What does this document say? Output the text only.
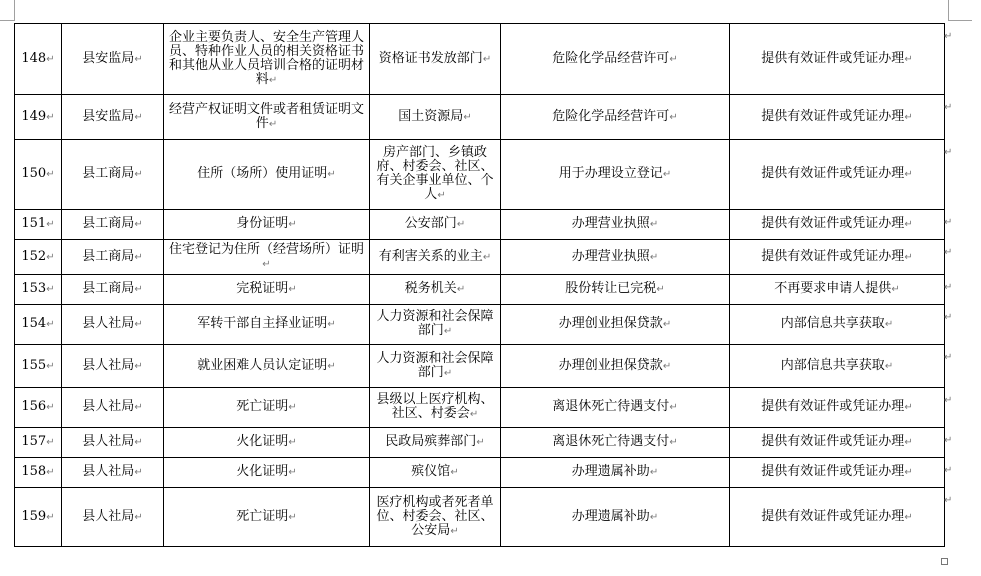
148↵	县安监局↵	企业主要负责人、安全生产管理人员、特种作业人员的相关资格证书和其他从业人员培训合格的证明材料↵	资格证书发放部门↵	危险化学品经营许可↵	提供有效证件或凭证办理↵
149↵	县安监局↵	经营产权证明文件或者租赁证明文件↵	国土资源局↵	危险化学品经营许可↵	提供有效证件或凭证办理↵
150↵	县工商局↵	住所（场所）使用证明↵	房产部门、乡镇政府、村委会、社区、有关企事业单位、个人↵	用于办理设立登记↵	提供有效证件或凭证办理↵
151↵	县工商局↵	身份证明↵	公安部门↵	办理营业执照↵	提供有效证件或凭证办理↵
152↵	县工商局↵	住宅登记为住所（经营场所）证明↵	有利害关系的业主↵	办理营业执照↵	提供有效证件或凭证办理↵
153↵	县工商局↵	完税证明↵	税务机关↵	股份转让已完税↵	不再要求申请人提供↵
154↵	县人社局↵	军转干部自主择业证明↵	人力资源和社会保障部门↵	办理创业担保贷款↵	内部信息共享获取↵
155↵	县人社局↵	就业困难人员认定证明↵	人力资源和社会保障部门↵	办理创业担保贷款↵	内部信息共享获取↵
156↵	县人社局↵	死亡证明↵	县级以上医疗机构、社区、村委会↵	离退休死亡待遇支付↵	提供有效证件或凭证办理↵
157↵	县人社局↵	火化证明↵	民政局殡葬部门↵	离退休死亡待遇支付↵	提供有效证件或凭证办理↵
158↵	县人社局↵	火化证明↵	殡仪馆↵	办理遗属补助↵	提供有效证件或凭证办理↵
159↵	县人社局↵	死亡证明↵	医疗机构或者死者单位、村委会、社区、公安局↵	办理遗属补助↵	提供有效证件或凭证办理↵
↵
↵
↵
↵
↵
↵
↵
↵
↵
↵
↵
↵
